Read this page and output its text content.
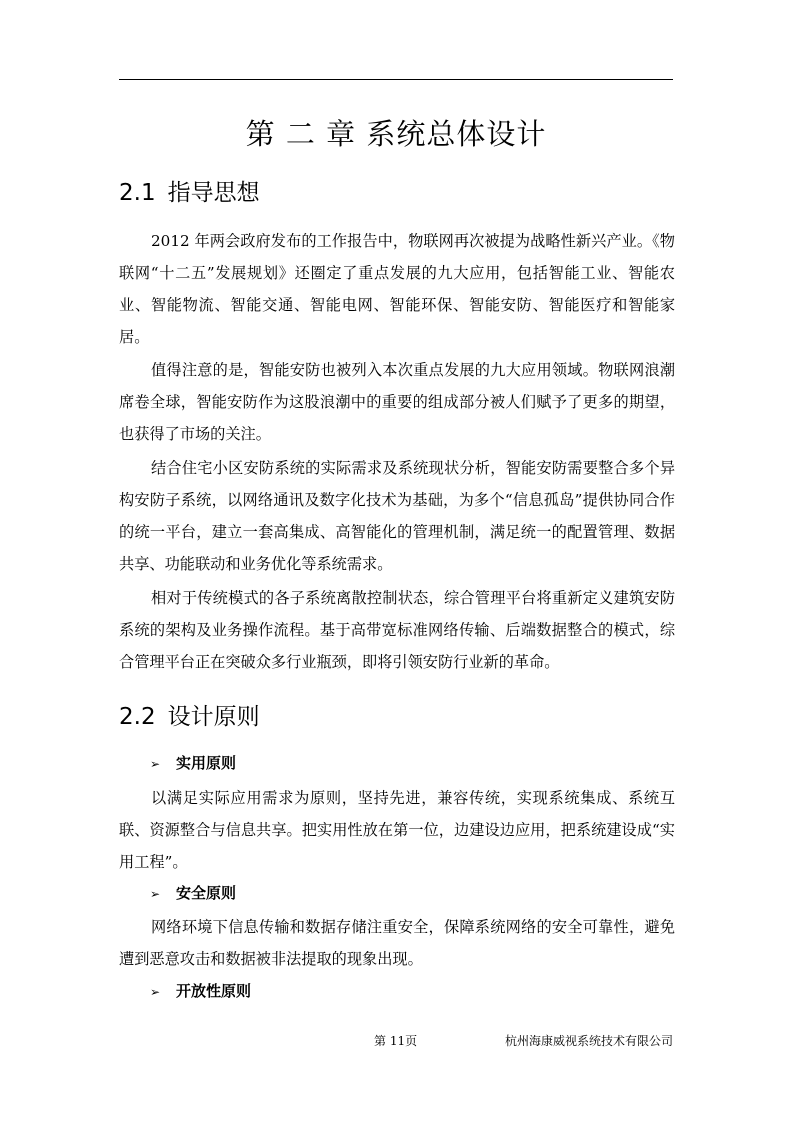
第 二 章 系统总体设计
2.1 指导思想

2012 年两会政府发布的工作报告中，物联网再次被提为战略性新兴产业。《物联网“十二五”发展规划》还圈定了重点发展的九大应用，包括智能工业、智能农业、智能物流、智能交通、智能电网、智能环保、智能安防、智能医疗和智能家居。

值得注意的是，智能安防也被列入本次重点发展的九大应用领域。物联网浪潮席卷全球，智能安防作为这股浪潮中的重要的组成部分被人们赋予了更多的期望，也获得了市场的关注。

结合住宅小区安防系统的实际需求及系统现状分析，智能安防需要整合多个异构安防子系统，以网络通讯及数字化技术为基础，为多个“信息孤岛”提供协同合作的统一平台，建立一套高集成、高智能化的管理机制，满足统一的配置管理、数据共享、功能联动和业务优化等系统需求。

相对于传统模式的各子系统离散控制状态，综合管理平台将重新定义建筑安防系统的架构及业务操作流程。基于高带宽标准网络传输、后端数据整合的模式，综合管理平台正在突破众多行业瓶颈，即将引领安防行业新的革命。

2.2 设计原则
➢ 实用原则

以满足实际应用需求为原则，坚持先进，兼容传统，实现系统集成、系统互联、资源整合与信息共享。把实用性放在第一位，边建设边应用，把系统建设成“实用工程”。

➢ 安全原则

网络环境下信息传输和数据存储注重安全，保障系统网络的安全可靠性，避免遭到恶意攻击和数据被非法提取的现象出现。

➢ 开放性原则
第 11页	杭州海康威视系统技术有限公司
